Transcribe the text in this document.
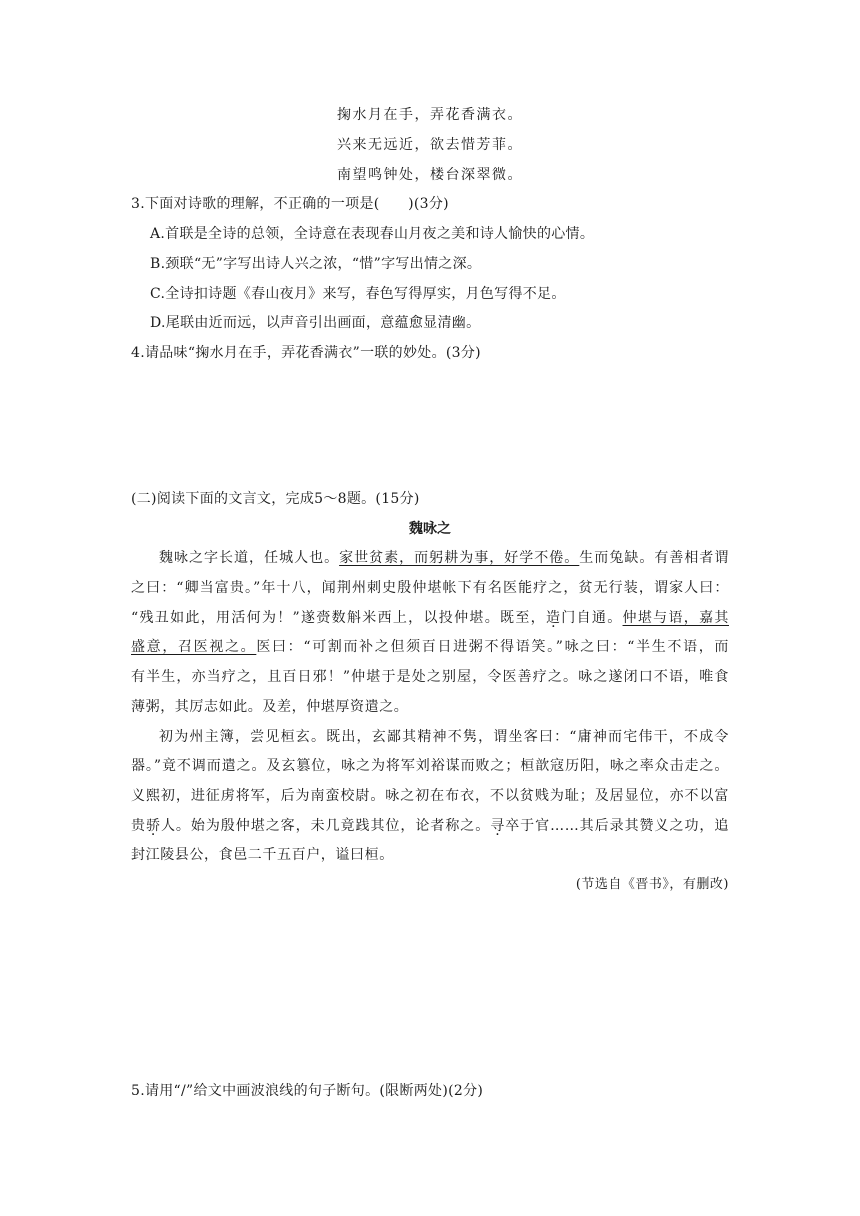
掬水月在手，弄花香满衣。
兴来无远近，欲去惜芳菲。
南望鸣钟处，楼台深翠微。
3.下面对诗歌的理解，不正确的一项是(　　)(3分)
A.首联是全诗的总领，全诗意在表现春山月夜之美和诗人愉快的心情。
B.颈联“无”字写出诗人兴之浓，“惜”字写出情之深。
C.全诗扣诗题《春山夜月》来写，春色写得厚实，月色写得不足。
D.尾联由近而远，以声音引出画面，意蕴愈显清幽。
4.请品味“掬水月在手，弄花香满衣”一联的妙处。(3分)
(二)阅读下面的文言文，完成5～8题。(15分)
魏咏之
魏咏之字长道，任城人也。家世贫素，而躬耕为事，好学不倦。生而兔缺。有善相者谓
之曰：“卿当富贵。”年十八，闻荆州刺史殷仲堪帐下有名医能疗之，贫无行装，谓家人曰：
“残丑如此，用活何为！”遂赍数斛米西上，以投仲堪。既至，造门自通。仲堪与语，嘉其
盛意，召医视之。医曰：“可割而补之但须百日进粥不得语笑。”咏之曰：“半生不语，而
有半生，亦当疗之，且百日邪！”仲堪于是处之别屋，令医善疗之。咏之遂闭口不语，唯食
薄粥，其厉志如此。及差，仲堪厚资遣之。
初为州主簿，尝见桓玄。既出，玄鄙其精神不隽，谓坐客曰：“庸神而宅伟干，不成令
器。”竟不调而遣之。及玄篡位，咏之为将军刘裕谋而败之；桓歆寇历阳，咏之率众击走之。
义熙初，进征虏将军，后为南蛮校尉。咏之初在布衣，不以贫贱为耻；及居显位，亦不以富
贵骄人。始为殷仲堪之客，未几竟践其位，论者称之。寻卒于官……其后录其赞义之功，追
封江陵县公，食邑二千五百户，谥曰桓。
(节选自《晋书》，有删改)
5.请用“/”给文中画波浪线的句子断句。(限断两处)(2分)
